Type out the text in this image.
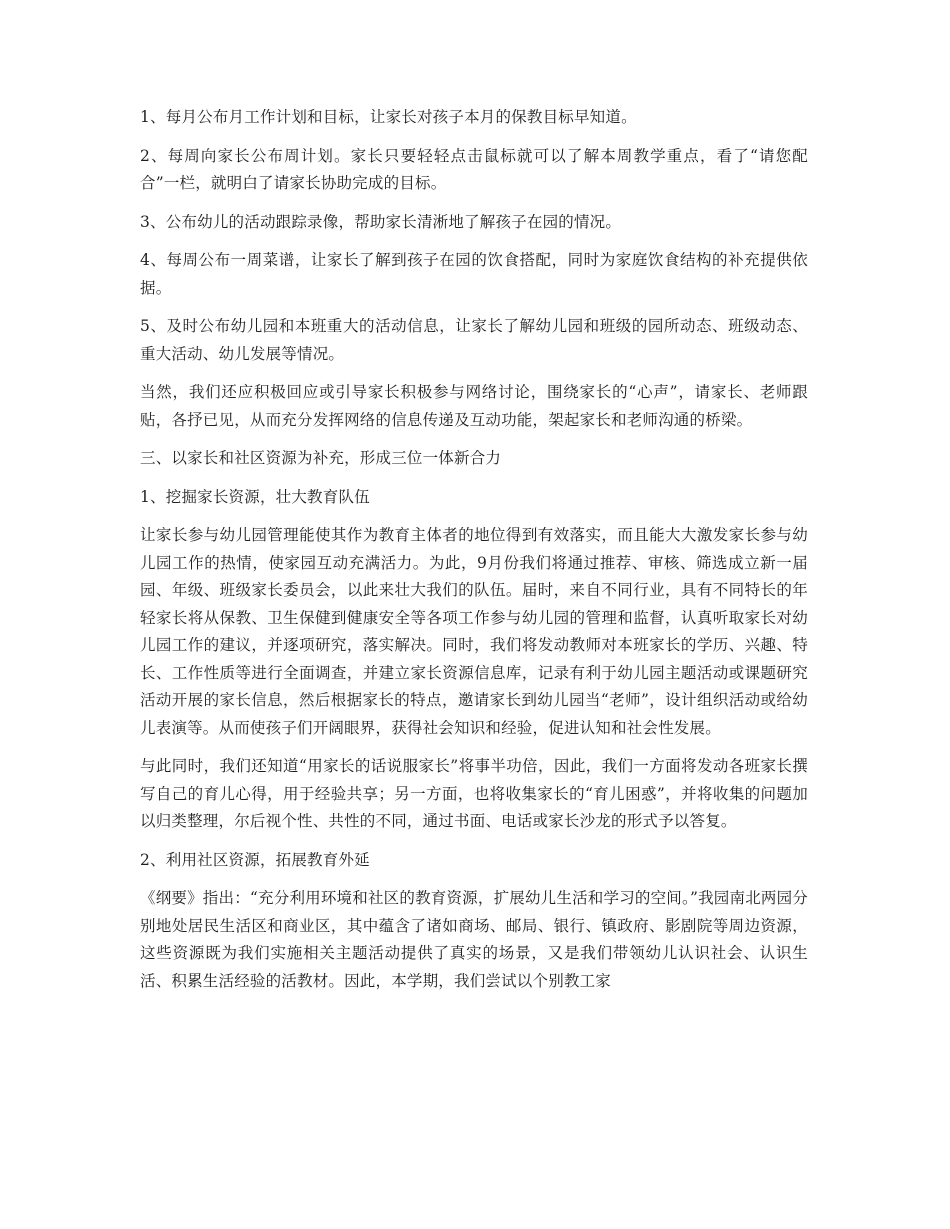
1、每月公布月工作计划和目标，让家长对孩子本月的保教目标早知道。

2、每周向家长公布周计划。家长只要轻轻点击鼠标就可以了解本周教学重点，看了“请您配合”一栏，就明白了请家长协助完成的目标。

3、公布幼儿的活动跟踪录像，帮助家长清淅地了解孩子在园的情况。

4、每周公布一周菜谱，让家长了解到孩子在园的饮食搭配，同时为家庭饮食结构的补充提供依据。

5、及时公布幼儿园和本班重大的活动信息，让家长了解幼儿园和班级的园所动态、班级动态、重大活动、幼儿发展等情况。

当然，我们还应积极回应或引导家长积极参与网络讨论，围绕家长的“心声”，请家长、老师跟贴，各抒已见，从而充分发挥网络的信息传递及互动功能，架起家长和老师沟通的桥梁。

三、以家长和社区资源为补充，形成三位一体新合力

1、挖掘家长资源，壮大教育队伍

让家长参与幼儿园管理能使其作为教育主体者的地位得到有效落实，而且能大大激发家长参与幼儿园工作的热情，使家园互动充满活力。为此，9月份我们将通过推荐、审核、筛选成立新一届园、年级、班级家长委员会，以此来壮大我们的队伍。届时，来自不同行业，具有不同特长的年轻家长将从保教、卫生保健到健康安全等各项工作参与幼儿园的管理和监督，认真听取家长对幼儿园工作的建议，并逐项研究，落实解决。同时，我们将发动教师对本班家长的学历、兴趣、特长、工作性质等进行全面调查，并建立家长资源信息库，记录有利于幼儿园主题活动或课题研究活动开展的家长信息，然后根据家长的特点，邀请家长到幼儿园当“老师”，设计组织活动或给幼儿表演等。从而使孩子们开阔眼界，获得社会知识和经验，促进认知和社会性发展。

与此同时，我们还知道“用家长的话说服家长”将事半功倍，因此，我们一方面将发动各班家长撰写自己的育儿心得，用于经验共享；另一方面，也将收集家长的“育儿困惑”，并将收集的问题加以归类整理，尔后视个性、共性的不同，通过书面、电话或家长沙龙的形式予以答复。

2、利用社区资源，拓展教育外延

《纲要》指出：“充分利用环境和社区的教育资源，扩展幼儿生活和学习的空间。”我园南北两园分别地处居民生活区和商业区，其中蕴含了诸如商场、邮局、银行、镇政府、影剧院等周边资源，这些资源既为我们实施相关主题活动提供了真实的场景，又是我们带领幼儿认识社会、认识生活、积累生活经验的活教材。因此，本学期，我们尝试以个别教工家
